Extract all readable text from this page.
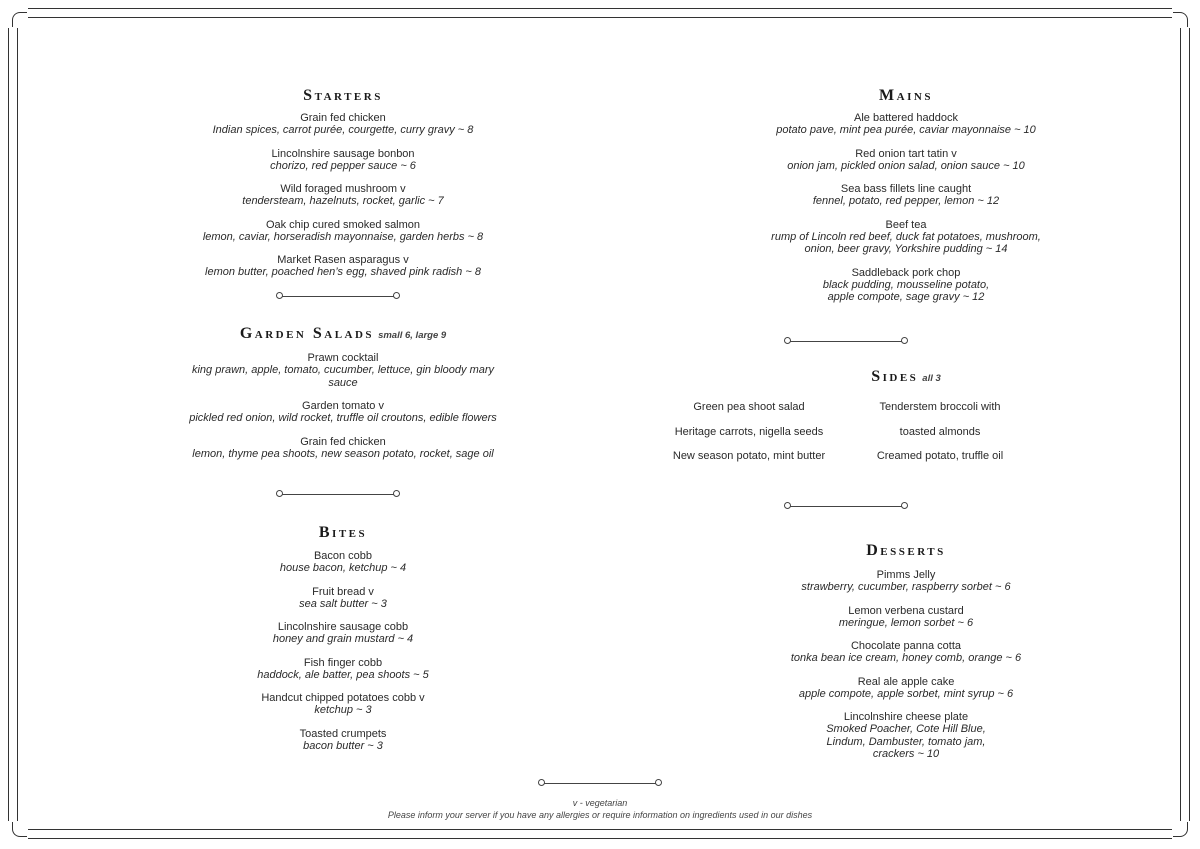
Starters
Grain fed chicken
Indian spices, carrot purée, courgette, curry gravy ~ 8
Lincolnshire sausage bonbon
chorizo, red pepper sauce ~ 6
Wild foraged mushroom v
tendersteam, hazelnuts, rocket, garlic ~ 7
Oak chip cured smoked salmon
lemon, caviar, horseradish mayonnaise, garden herbs ~ 8
Market Rasen asparagus v
lemon butter, poached hen’s egg, shaved pink radish ~ 8
Garden Salads small 6, large 9
Prawn cocktail
king prawn, apple, tomato, cucumber, lettuce, gin bloody mary sauce
Garden tomato v
pickled red onion, wild rocket, truffle oil croutons, edible flowers
Grain fed chicken
lemon, thyme pea shoots, new season potato, rocket, sage oil
Bites
Bacon cobb
house bacon, ketchup ~ 4
Fruit bread v
sea salt butter ~ 3
Lincolnshire sausage cobb
honey and grain mustard ~ 4
Fish finger cobb
haddock, ale batter, pea shoots ~ 5
Handcut chipped potatoes cobb v
ketchup ~ 3
Toasted crumpets
bacon butter ~ 3
Mains
Ale battered haddock
potato pave, mint pea purée, caviar mayonnaise ~ 10
Red onion tart tatin v
onion jam, pickled onion salad, onion sauce ~ 10
Sea bass fillets line caught
fennel, potato, red pepper, lemon ~ 12
Beef tea
rump of Lincoln red beef, duck fat potatoes, mushroom, onion, beer gravy, Yorkshire pudding ~ 14
Saddleback pork chop
black pudding, mousseline potato, apple compote, sage gravy ~ 12
Sides all 3
Green pea shoot salad
Heritage carrots, nigella seeds
New season potato, mint butter
Tenderstem broccoli with
toasted almonds
Creamed potato, truffle oil
Desserts
Pimms Jelly
strawberry, cucumber, raspberry sorbet ~ 6
Lemon verbena custard
meringue, lemon sorbet ~ 6
Chocolate panna cotta
tonka bean ice cream, honey comb, orange ~ 6
Real ale apple cake
apple compote, apple sorbet, mint syrup ~ 6
Lincolnshire cheese plate
Smoked Poacher, Cote Hill Blue, Lindum, Dambuster, tomato jam, crackers ~ 10
v - vegetarian
Please inform your server if you have any allergies or require information on ingredients used in our dishes
